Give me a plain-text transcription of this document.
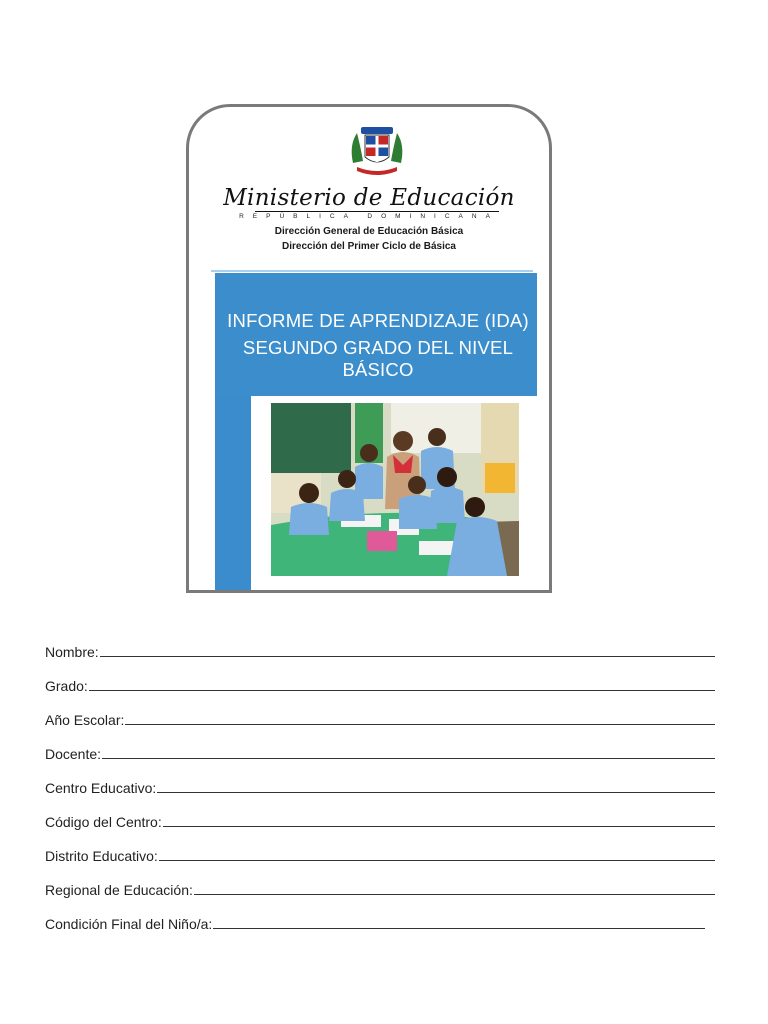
Ministerio de Educación
REPÚBLICA DOMINICANA
Dirección General de Educación Básica
Dirección del Primer Ciclo de Básica
INFORME DE APRENDIZAJE (IDA)
SEGUNDO GRADO DEL NIVEL BÁSICO
Nombre:
Grado:
Año Escolar:
Docente:
Centro Educativo:
Código del Centro:
Distrito Educativo:
Regional de Educación:
Condición Final del Niño/a:
